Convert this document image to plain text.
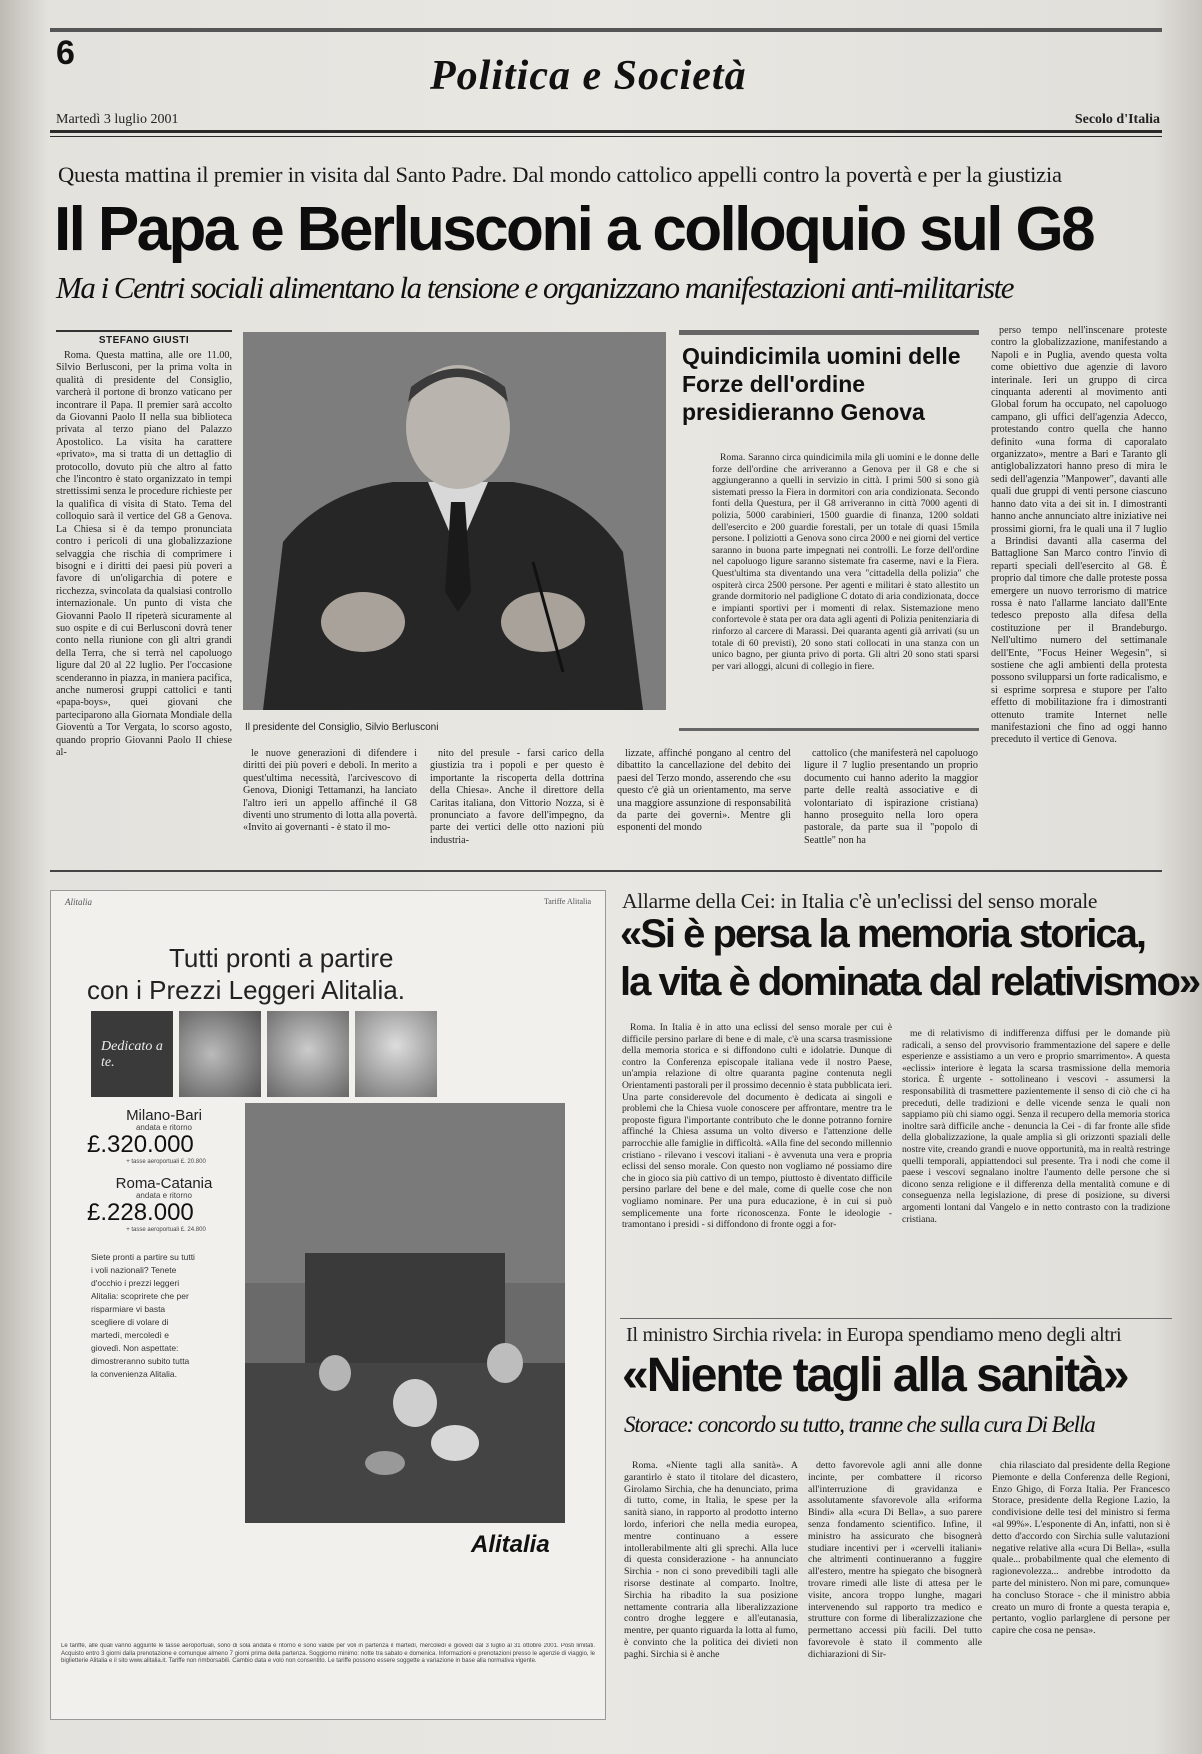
6	Politica e Società
Martedì 3 luglio 2001	Secolo d'Italia
Questa mattina il premier in visita dal Santo Padre. Dal mondo cattolico appelli contro la povertà e per la giustizia
Il Papa e Berlusconi a colloquio sul G8
Ma i Centri sociali alimentano la tensione e organizzano manifestazioni anti-militariste
STEFANO GIUSTI

Roma. Questa mattina, alle ore 11.00, Silvio Berlusconi, per la prima volta in qualità di presidente del Consiglio, varcherà il portone di bronzo vaticano per incontrare il Papa. Il premier sarà accolto da Giovanni Paolo II nella sua biblioteca privata al terzo piano del Palazzo Apostolico. La visita ha carattere «privato», ma si tratta di un dettaglio di protocollo, dovuto più che altro al fatto che l'incontro è stato organizzato in tempi strettissimi senza le procedure richieste per la qualifica di visita di Stato. Tema del colloquio sarà il vertice del G8 a Genova. La Chiesa si è da tempo pronunciata contro i pericoli di una globalizzazione selvaggia che rischia di comprimere i bisogni e i diritti dei paesi più poveri a favore di un'oligarchia di potere e ricchezza, svincolata da qualsiasi controllo internazionale. Un punto di vista che Giovanni Paolo II ripeterà sicuramente al suo ospite e di cui Berlusconi dovrà tener conto nella riunione con gli altri grandi della Terra, che si terrà nel capoluogo ligure dal 20 al 22 luglio. Per l'occasione scenderanno in piazza, in maniera pacifica, anche numerosi gruppi cattolici e tanti «papa-boys», quei giovani che parteciparono alla Giornata Mondiale della Gioventù a Tor Vergata, lo scorso agosto, quando proprio Giovanni Paolo II chiese al-

Il presidente del Consiglio, Silvio Berlusconi

le nuove generazioni di difendere i diritti dei più poveri e deboli. In merito a quest'ultima necessità, l'arcivescovo di Genova, Dionigi Tettamanzi, ha lanciato l'altro ieri un appello affinché il G8 diventi uno strumento di lotta alla povertà. «Invito ai governanti - è stato il mo-

nito del presule - farsi carico della giustizia tra i popoli e per questo è importante la riscoperta della dottrina della Chiesa». Anche il direttore della Caritas italiana, don Vittorio Nozza, si è pronunciato a favore dell'impegno, da parte dei vertici delle otto nazioni più industria-

lizzate, affinché pongano al centro del dibattito la cancellazione del debito dei paesi del Terzo mondo, asserendo che «su questo c'è già un orientamento, ma serve una maggiore assunzione di responsabilità da parte dei governi». Mentre gli esponenti del mondo

cattolico (che manifesterà nel capoluogo ligure il 7 luglio presentando un proprio documento cui hanno aderito la maggior parte delle realtà associative e di volontariato di ispirazione cristiana) hanno proseguito nella loro opera pastorale, da parte sua il "popolo di Seattle" non ha

Quindicimila uomini delle Forze dell'ordine presidieranno Genova

Roma. Saranno circa quindicimila mila gli uomini e le donne delle forze dell'ordine che arriveranno a Genova per il G8 e che si aggiungeranno a quelli in servizio in città. I primi 500 si sono già sistemati presso la Fiera in dormitori con aria condizionata. Secondo fonti della Questura, per il G8 arriveranno in città 7000 agenti di polizia, 5000 carabinieri, 1500 guardie di finanza, 1200 soldati dell'esercito e 200 guardie forestali, per un totale di quasi 15mila persone. I poliziotti a Genova sono circa 2000 e nei giorni del vertice saranno in buona parte impegnati nei controlli. Le forze dell'ordine nel capoluogo ligure saranno sistemate fra caserme, navi e la Fiera. Quest'ultima sta diventando una vera "cittadella della polizia" che ospiterà circa 2500 persone. Per agenti e militari è stato allestito un grande dormitorio nel padiglione C dotato di aria condizionata, docce e impianti sportivi per i momenti di relax. Sistemazione meno confortevole è stata per ora data agli agenti di Polizia penitenziaria di rinforzo al carcere di Marassi. Dei quaranta agenti già arrivati (su un totale di 60 previsti), 20 sono stati collocati in una stanza con un unico bagno, per giunta privo di porta. Gli altri 20 sono stati sparsi per vari alloggi, alcuni di collegio in fiere.

perso tempo nell'inscenare proteste contro la globalizzazione, manifestando a Napoli e in Puglia, avendo questa volta come obiettivo due agenzie di lavoro interinale. Ieri un gruppo di circa cinquanta aderenti al movimento anti Global forum ha occupato, nel capoluogo campano, gli uffici dell'agenzia Adecco, protestando contro quella che hanno definito «una forma di caporalato organizzato», mentre a Bari e Taranto gli antiglobalizzatori hanno preso di mira le sedi dell'agenzia "Manpower", davanti alle quali due gruppi di venti persone ciascuno hanno dato vita a dei sit in. I dimostranti hanno anche annunciato altre iniziative nei prossimi giorni, fra le quali una il 7 luglio a Brindisi davanti alla caserma del Battaglione San Marco contro l'invio di reparti speciali dell'esercito al G8. È proprio dal timore che dalle proteste possa emergere un nuovo terrorismo di matrice rossa è nato l'allarme lanciato dall'Ente tedesco preposto alla difesa della costituzione per il Brandeburgo. Nell'ultimo numero del settimanale dell'Ente, "Focus Heiner Wegesin", si sostiene che agli ambienti della protesta possono svilupparsi un forte radicalismo, e si esprime sorpresa e stupore per l'alto effetto di mobilitazione fra i dimostranti ottenuto tramite Internet nelle manifestazioni che fino ad oggi hanno preceduto il vertice di Genova.

Alitalia	Tariffe Alitalia
Tutti pronti a partire
con i Prezzi Leggeri Alitalia.
Dedicato a te.
Milano-Bari
andata e ritorno
£.320.000
+ tasse aeroportuali £. 20.800
Roma-Catania
andata e ritorno
£.228.000
+ tasse aeroportuali £. 24.800
Siete pronti a partire su tutti i voli nazionali? Tenete d'occhio i prezzi leggeri Alitalia: scoprirete che per risparmiare vi basta scegliere di volare di martedì, mercoledì e giovedì. Non aspettate: dimostreranno subito tutta la convenienza Alitalia.
Alitalia
Le tariffe, alle quali vanno aggiunte le tasse aeroportuali, sono di sola andata e ritorno e sono valide per voli in partenza il martedì, mercoledì e giovedì dal 3 luglio al 31 ottobre 2001. Posti limitati. Acquisto entro 3 giorni dalla prenotazione e comunque almeno 7 giorni prima della partenza. Soggiorno minimo: notte tra sabato e domenica. Informazioni e prenotazioni presso le agenzie di viaggio, le biglietterie Alitalia e il sito www.alitalia.it. Tariffe non rimborsabili. Cambio data e volo non consentito. Le tariffe possono essere soggette a variazione in base alla normativa vigente.
Allarme della Cei: in Italia c'è un'eclissi del senso morale
«Si è persa la memoria storica,
la vita è dominata dal relativismo»

Roma. In Italia è in atto una eclissi del senso morale per cui è difficile persino parlare di bene e di male, c'è una scarsa trasmissione della memoria storica e si diffondono culti e idolatrie. Dunque di contro la Conferenza episcopale italiana vede il nostro Paese, un'ampia relazione di oltre quaranta pagine contenuta negli Orientamenti pastorali per il prossimo decennio è stata pubblicata ieri. Una parte considerevole del documento è dedicata ai singoli e problemi che la Chiesa vuole conoscere per affrontare, mentre tra le proposte figura l'importante contributo che le donne potranno fornire affinché la Chiesa assuma un volto diverso e l'attenzione delle parrocchie alle famiglie in difficoltà. «Alla fine del secondo millennio cristiano - rilevano i vescovi italiani - è avvenuta una vera e propria eclissi del senso morale. Con questo non vogliamo né possiamo dire che in gioco sia più cattivo di un tempo, piuttosto è diventato difficile persino parlare del bene e del male, come di quelle cose che non vogliamo nominare. Per una pura educazione, è in cui si può semplicemente una forte riconoscenza. Fonte le ideologie - tramontano i presidi - si diffondono di fronte oggi a for-

me di relativismo di indifferenza diffusi per le domande più radicali, a senso del provvisorio frammentazione del sapere e delle esperienze e assistiamo a un vero e proprio smarrimento». A questa «eclissi» interiore è legata la scarsa trasmissione della memoria storica. È urgente - sottolineano i vescovi - assumersi la responsabilità di trasmettere pazientemente il senso di ciò che ci ha preceduti, delle tradizioni e delle vicende senza le quali non sappiamo più chi siamo oggi. Senza il recupero della memoria storica inoltre sarà difficile anche - denuncia la Cei - di far fronte alle sfide della globalizzazione, la quale amplia sì gli orizzonti spaziali delle nostre vite, creando grandi e nuove opportunità, ma in realtà restringe quelli temporali, appiattendoci sul presente. Tra i nodi che come il paese i vescovi segnalano inoltre l'aumento delle persone che si dicono senza religione e il differenza della mentalità comune e di conseguenza nella legislazione, di prese di posizione, su diversi argomenti lontani dal Vangelo e in netto contrasto con la tradizione cristiana.

Il ministro Sirchia rivela: in Europa spendiamo meno degli altri
«Niente tagli alla sanità»
Storace: concordo su tutto, tranne che sulla cura Di Bella

Roma. «Niente tagli alla sanità». A garantirlo è stato il titolare del dicastero, Girolamo Sirchia, che ha denunciato, prima di tutto, come, in Italia, le spese per la sanità siano, in rapporto al prodotto interno lordo, inferiori che nella media europea, mentre continuano a essere intollerabilmente alti gli sprechi. Alla luce di questa considerazione - ha annunciato Sirchia - non ci sono prevedibili tagli alle risorse destinate al comparto. Inoltre, Sirchia ha ribadito la sua posizione nettamente contraria alla liberalizzazione contro droghe leggere e all'eutanasia, mentre, per quanto riguarda la lotta al fumo, è convinto che la politica dei divieti non paghi. Sirchia si è anche

detto favorevole agli anni alle donne incinte, per combattere il ricorso all'interruzione di gravidanza e assolutamente sfavorevole alla «riforma Bindi» alla «cura Di Bella», a suo parere senza fondamento scientifico. Infine, il ministro ha assicurato che bisognerà studiare incentivi per i «cervelli italiani» che altrimenti continueranno a fuggire all'estero, mentre ha spiegato che bisognerà trovare rimedi alle liste di attesa per le visite, ancora troppo lunghe, magari intervenendo sul rapporto tra medico e strutture con forme di liberalizzazione che permettano accessi più facili. Del tutto favorevole è stato il commento alle dichiarazioni di Sir-

chia rilasciato dal presidente della Regione Piemonte e della Conferenza delle Regioni, Enzo Ghigo, di Forza Italia. Per Francesco Storace, presidente della Regione Lazio, la condivisione delle tesi del ministro si ferma «al 99%». L'esponente di An, infatti, non sì è detto d'accordo con Sirchia sulle valutazioni negative relative alla «cura Di Bella», «sulla quale... probabilmente qual che elemento di ragionevolezza... andrebbe introdotto da parte del ministero. Non mi pare, comunque» ha concluso Storace - che il ministro abbia creato un muro di fronte a questa terapia e, pertanto, voglio parlarglene di persone per capire che cosa ne pensa».
